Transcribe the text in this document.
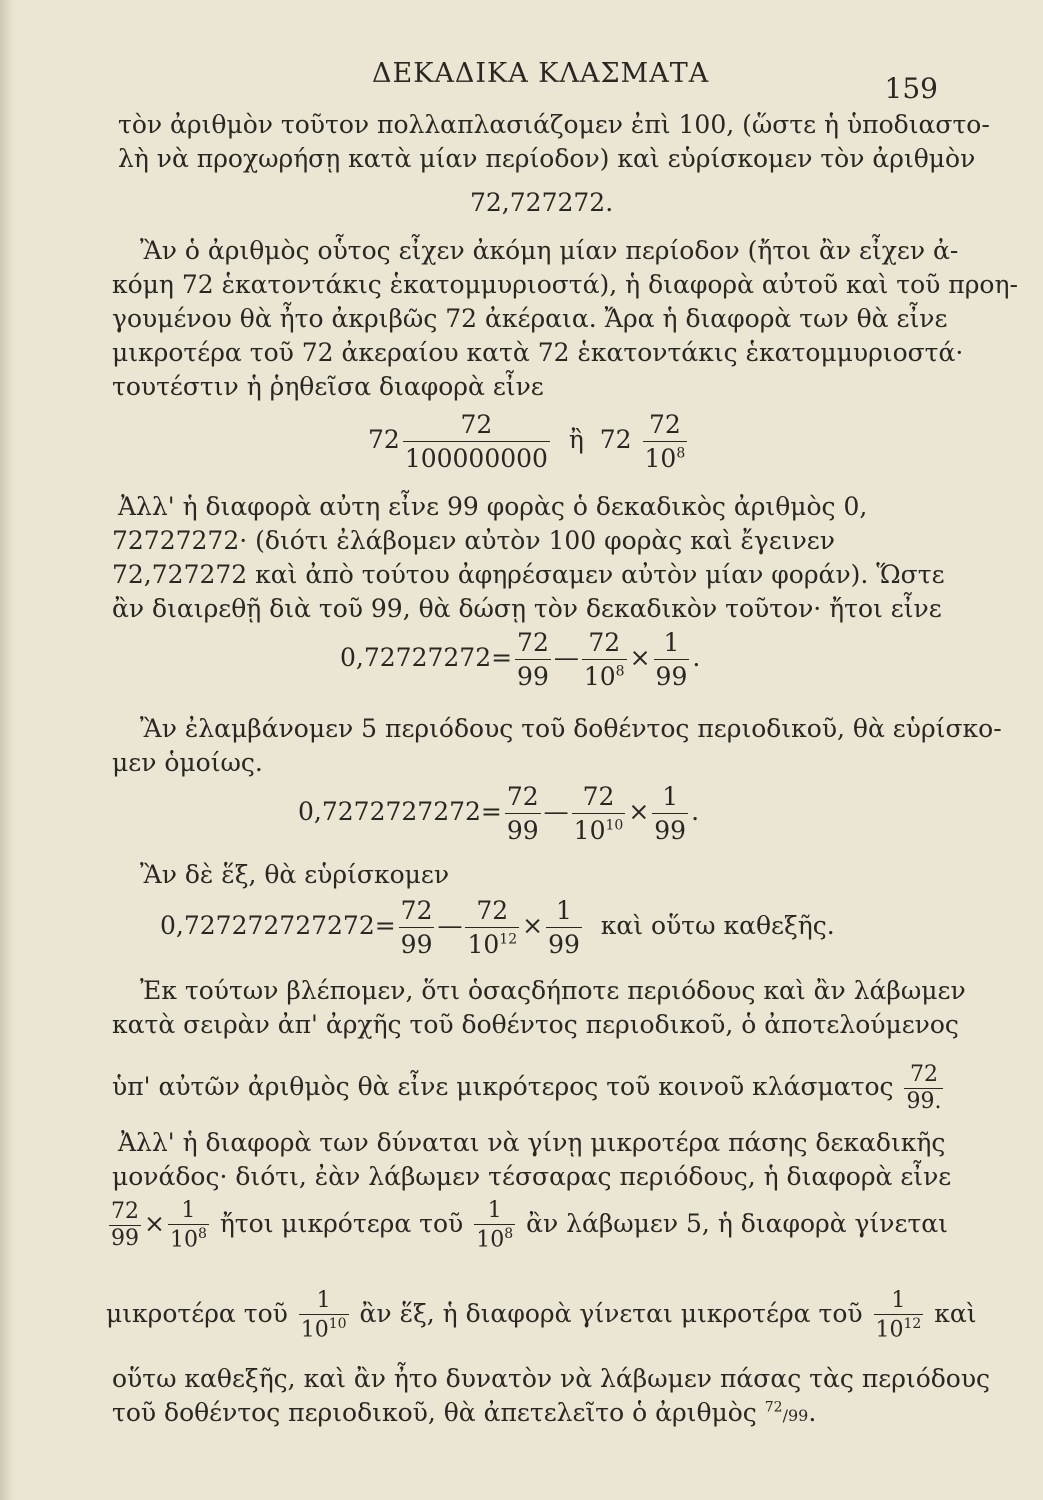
ΔΕΚΑΔΙΚΑ ΚΛΑΣΜΑΤΑ	159
τὸν ἀριθμὸν τοῦτον πολλαπλασιάζομεν ἐπὶ 100, (ὥστε ἡ ὑποδιαστο-
λὴ νὰ προχωρήσῃ κατὰ μίαν περίοδον) καὶ εὑρίσκομεν τὸν ἀριθμὸν
72,727272.
Ἂν ὁ ἀριθμὸς οὗτος εἶχεν ἀκόμη μίαν περίοδον (ἤτοι ἂν εἶχεν ἀ-
κόμη 72 ἑκατοντάκις ἑκατομμυριοστά), ἡ διαφορὰ αὐτοῦ καὶ τοῦ προη-
γουμένου θὰ ἦτο ἀκριβῶς 72 ἀκέραια. Ἄρα ἡ διαφορὰ των θὰ εἶνε
μικροτέρα τοῦ 72 ἀκεραίου κατὰ 72 ἑκατοντάκις ἑκατομμυριοστά·
τουτέστιν ἡ ῥηθεῖσα διαφορὰ εἶνε
$72 \frac{72}{100000000}$ ἢ $72 \frac{72}{10^8}$
Ἀλλ' ἡ διαφορὰ αὐτη εἶνε 99 φορὰς ὁ δεκαδικὸς ἀριθμὸς 0,
72727272· (διότι ἐλάβομεν αὐτὸν 100 φορὰς καὶ ἔγεινεν
72,727272 καὶ ἀπὸ τούτου ἀφηρέσαμεν αὐτὸν μίαν φοράν). Ὥστε
ἂν διαιρεθῇ διὰ τοῦ 99, θὰ δώσῃ τὸν δεκαδικὸν τοῦτον· ἤτοι εἶνε
$0,72727272= \frac{72}{99}$ — $\frac{72}{10^8} \times \frac{1}{99}$ .
Ἂν ἐλαμβάνομεν 5 περιόδους τοῦ δοθέντος περιοδικοῦ, θὰ εὑρίσκο-
μεν ὁμοίως.
$0,7272727272= \frac{72}{99}$ — $\frac{72}{10^{10}} \times \frac{1}{99}$ .
Ἂν δὲ ἕξ, θὰ εὑρίσκομεν
$0,727272727272= \frac{72}{99}$ — $\frac{72}{10^{12}} \times \frac{1}{99}$ καὶ οὕτω καθεξῆς.
Ἐκ τούτων βλέπομεν, ὅτι ὁσαςδήποτε περιόδους καὶ ἂν λάβωμεν
κατὰ σειρὰν ἀπ' ἀρχῆς τοῦ δοθέντος περιοδικοῦ, ὁ ἀποτελούμενος
ὑπ' αὐτῶν ἀριθμὸς θὰ εἶνε μικρότερος τοῦ κοινοῦ κλάσματος $\frac{72}{99.}$
Ἀλλ' ἡ διαφορὰ των δύναται νὰ γίνῃ μικροτέρα πάσης δεκαδικῆς
μονάδος· διότι, ἐὰν λάβωμεν τέσσαρας περιόδους, ἡ διαφορὰ εἶνε
$\frac{72}{99} \times \frac{1}{10^8}$ ἤτοι μικρότερα τοῦ $\frac{1}{10^8}$ ἂν λάβωμεν 5, ἡ διαφορὰ γίνεται
μικροτέρα τοῦ $\frac{1}{10^{10}}$ ἂν ἕξ, ἡ διαφορὰ γίνεται μικροτέρα τοῦ $\frac{1}{10^{12}}$ καὶ
οὕτω καθεξῆς, καὶ ἂν ἦτο δυνατὸν νὰ λάβωμεν πάσας τὰς περιόδους
τοῦ δοθέντος περιοδικοῦ, θὰ ἀπετελεῖτο ὁ ἀριθμὸς $^{72}$/99.
